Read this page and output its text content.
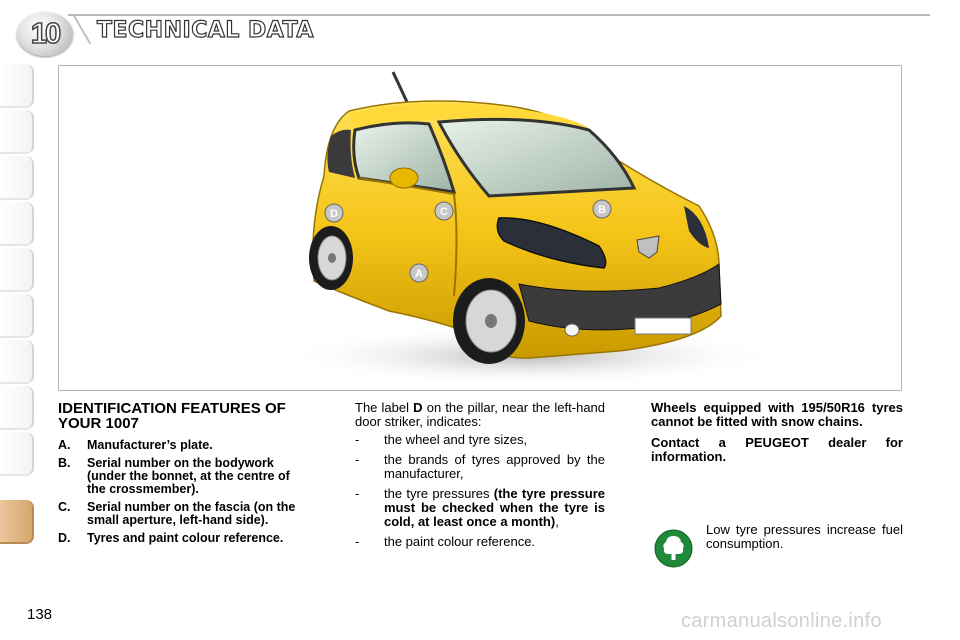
10	TECHNICAL DATA
A
B
C
D
IDENTIFICATION FEATURES OF YOUR 1007
A. Manufacturer’s plate.
B. Serial number on the bodywork (under the bonnet, at the centre of the crossmember).
C. Serial number on the fascia (on the small aperture, left-hand side).
D. Tyres and paint colour reference.

The label D on the pillar, near the left-hand door striker, indicates:

- the wheel and tyre sizes,
- the brands of tyres approved by the manufacturer,
- the tyre pressures (the tyre pressure must be checked when the tyre is cold, at least once a month),
- the paint colour reference.

Wheels equipped with 195/50R16 tyres cannot be fitted with snow chains.

Contact a PEUGEOT dealer for information.

Low tyre pressures increase fuel consumption.
138	carmanualsonline.info
